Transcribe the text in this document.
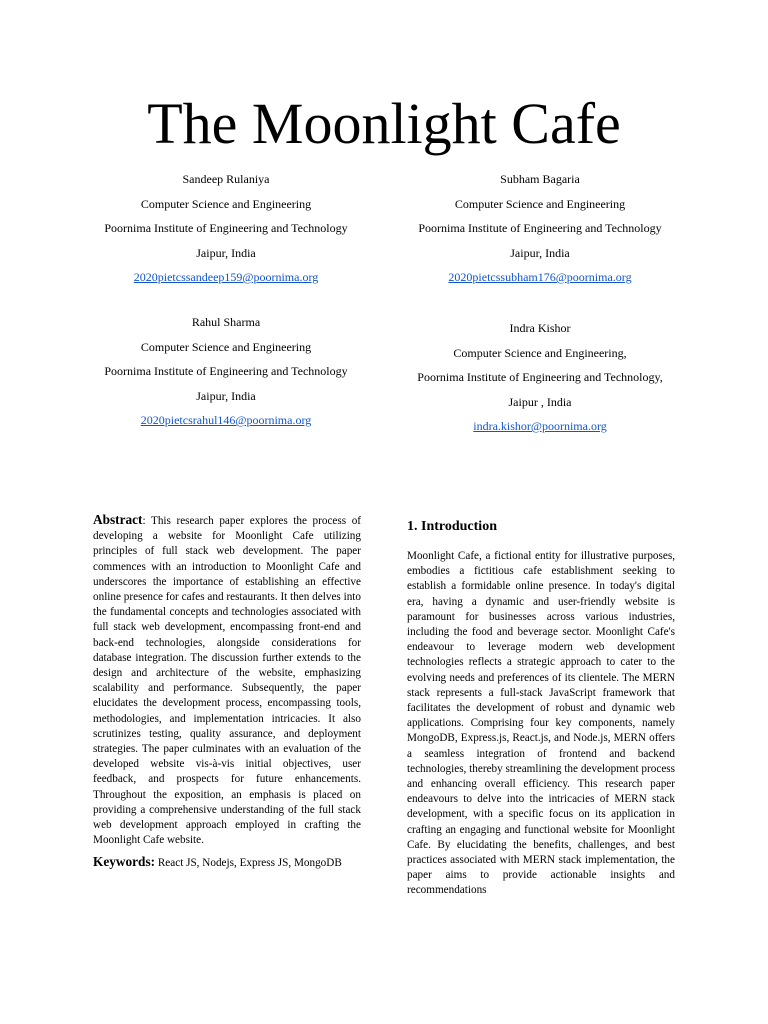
The Moonlight Cafe
Sandeep Rulaniya
Computer Science and Engineering
Poornima Institute of Engineering and Technology
Jaipur, India
2020pietcssandeep159@poornima.org
Subham Bagaria
Computer Science and Engineering
Poornima Institute of Engineering and Technology
Jaipur, India
2020pietcssubham176@poornima.org
Rahul Sharma
Computer Science and Engineering
Poornima Institute of Engineering and Technology
Jaipur, India
2020pietcsrahul146@poornima.org
Indra Kishor
Computer Science and Engineering,
Poornima Institute of Engineering and Technology,
Jaipur , India
indra.kishor@poornima.org

Abstract: This research paper explores the process of developing a website for Moonlight Cafe utilizing principles of full stack web development. The paper commences with an introduction to Moonlight Cafe and underscores the importance of establishing an effective online presence for cafes and restaurants. It then delves into the fundamental concepts and technologies associated with full stack web development, encompassing front-end and back-end technologies, alongside considerations for database integration. The discussion further extends to the design and architecture of the website, emphasizing scalability and performance. Subsequently, the paper elucidates the development process, encompassing tools, methodologies, and implementation intricacies. It also scrutinizes testing, quality assurance, and deployment strategies. The paper culminates with an evaluation of the developed website vis-à-vis initial objectives, user feedback, and prospects for future enhancements. Throughout the exposition, an emphasis is placed on providing a comprehensive understanding of the full stack web development approach employed in crafting the Moonlight Cafe website.

Keywords: React JS, Nodejs, Express JS, MongoDB

1. Introduction

Moonlight Cafe, a fictional entity for illustrative purposes, embodies a fictitious cafe establishment seeking to establish a formidable online presence. In today's digital era, having a dynamic and user-friendly website is paramount for businesses across various industries, including the food and beverage sector. Moonlight Cafe's endeavour to leverage modern web development technologies reflects a strategic approach to cater to the evolving needs and preferences of its clientele. The MERN stack represents a full-stack JavaScript framework that facilitates the development of robust and dynamic web applications. Comprising four key components, namely MongoDB, Express.js, React.js, and Node.js, MERN offers a seamless integration of frontend and backend technologies, thereby streamlining the development process and enhancing overall efficiency. This research paper endeavours to delve into the intricacies of MERN stack development, with a specific focus on its application in crafting an engaging and functional website for Moonlight Cafe. By elucidating the benefits, challenges, and best practices associated with MERN stack implementation, the paper aims to provide actionable insights and recommendations
